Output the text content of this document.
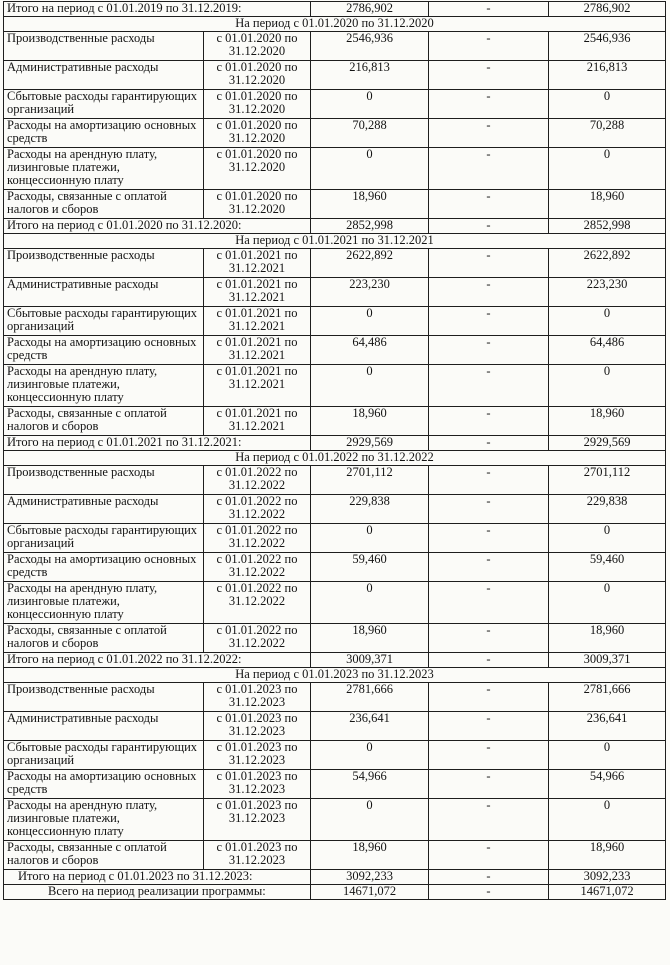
Итого на период с 01.01.2019 по 31.12.2019:		2786,902	-	2786,902
На период с 01.01.2020 по 31.12.2020				
Производственные расходы	с 01.01.2020 по 31.12.2020	2546,936	-	2546,936
Административные расходы	с 01.01.2020 по 31.12.2020	216,813	-	216,813
Сбытовые расходы гарантирующих организаций	с 01.01.2020 по 31.12.2020	0	-	0
Расходы на амортизацию основных средств	с 01.01.2020 по 31.12.2020	70,288	-	70,288
Расходы на арендную плату, лизинговые платежи, концессионную плату	с 01.01.2020 по 31.12.2020	0	-	0
Расходы, связанные с оплатой налогов и сборов	с 01.01.2020 по 31.12.2020	18,960	-	18,960
Итого на период с 01.01.2020 по 31.12.2020:		2852,998	-	2852,998
На период с 01.01.2021 по 31.12.2021				
Производственные расходы	с 01.01.2021 по 31.12.2021	2622,892	-	2622,892
Административные расходы	с 01.01.2021 по 31.12.2021	223,230	-	223,230
Сбытовые расходы гарантирующих организаций	с 01.01.2021 по 31.12.2021	0	-	0
Расходы на амортизацию основных средств	с 01.01.2021 по 31.12.2021	64,486	-	64,486
Расходы на арендную плату, лизинговые платежи, концессионную плату	с 01.01.2021 по 31.12.2021	0	-	0
Расходы, связанные с оплатой налогов и сборов	с 01.01.2021 по 31.12.2021	18,960	-	18,960
Итого на период с 01.01.2021 по 31.12.2021:		2929,569	-	2929,569
На период с 01.01.2022 по 31.12.2022				
Производственные расходы	с 01.01.2022 по 31.12.2022	2701,112	-	2701,112
Административные расходы	с 01.01.2022 по 31.12.2022	229,838	-	229,838
Сбытовые расходы гарантирующих организаций	с 01.01.2022 по 31.12.2022	0	-	0
Расходы на амортизацию основных средств	с 01.01.2022 по 31.12.2022	59,460	-	59,460
Расходы на арендную плату, лизинговые платежи, концессионную плату	с 01.01.2022 по 31.12.2022	0	-	0
Расходы, связанные с оплатой налогов и сборов	с 01.01.2022 по 31.12.2022	18,960	-	18,960
Итого на период с 01.01.2022 по 31.12.2022:		3009,371	-	3009,371
На период с 01.01.2023 по 31.12.2023				
Производственные расходы	с 01.01.2023 по 31.12.2023	2781,666	-	2781,666
Административные расходы	с 01.01.2023 по 31.12.2023	236,641	-	236,641
Сбытовые расходы гарантирующих организаций	с 01.01.2023 по 31.12.2023	0	-	0
Расходы на амортизацию основных средств	с 01.01.2023 по 31.12.2023	54,966	-	54,966
Расходы на арендную плату, лизинговые платежи, концессионную плату	с 01.01.2023 по 31.12.2023	0	-	0
Расходы, связанные с оплатой налогов и сборов	с 01.01.2023 по 31.12.2023	18,960	-	18,960
Итого на период с 01.01.2023 по 31.12.2023:		3092,233	-	3092,233
Всего на период реализации программы:		14671,072	-	14671,072
